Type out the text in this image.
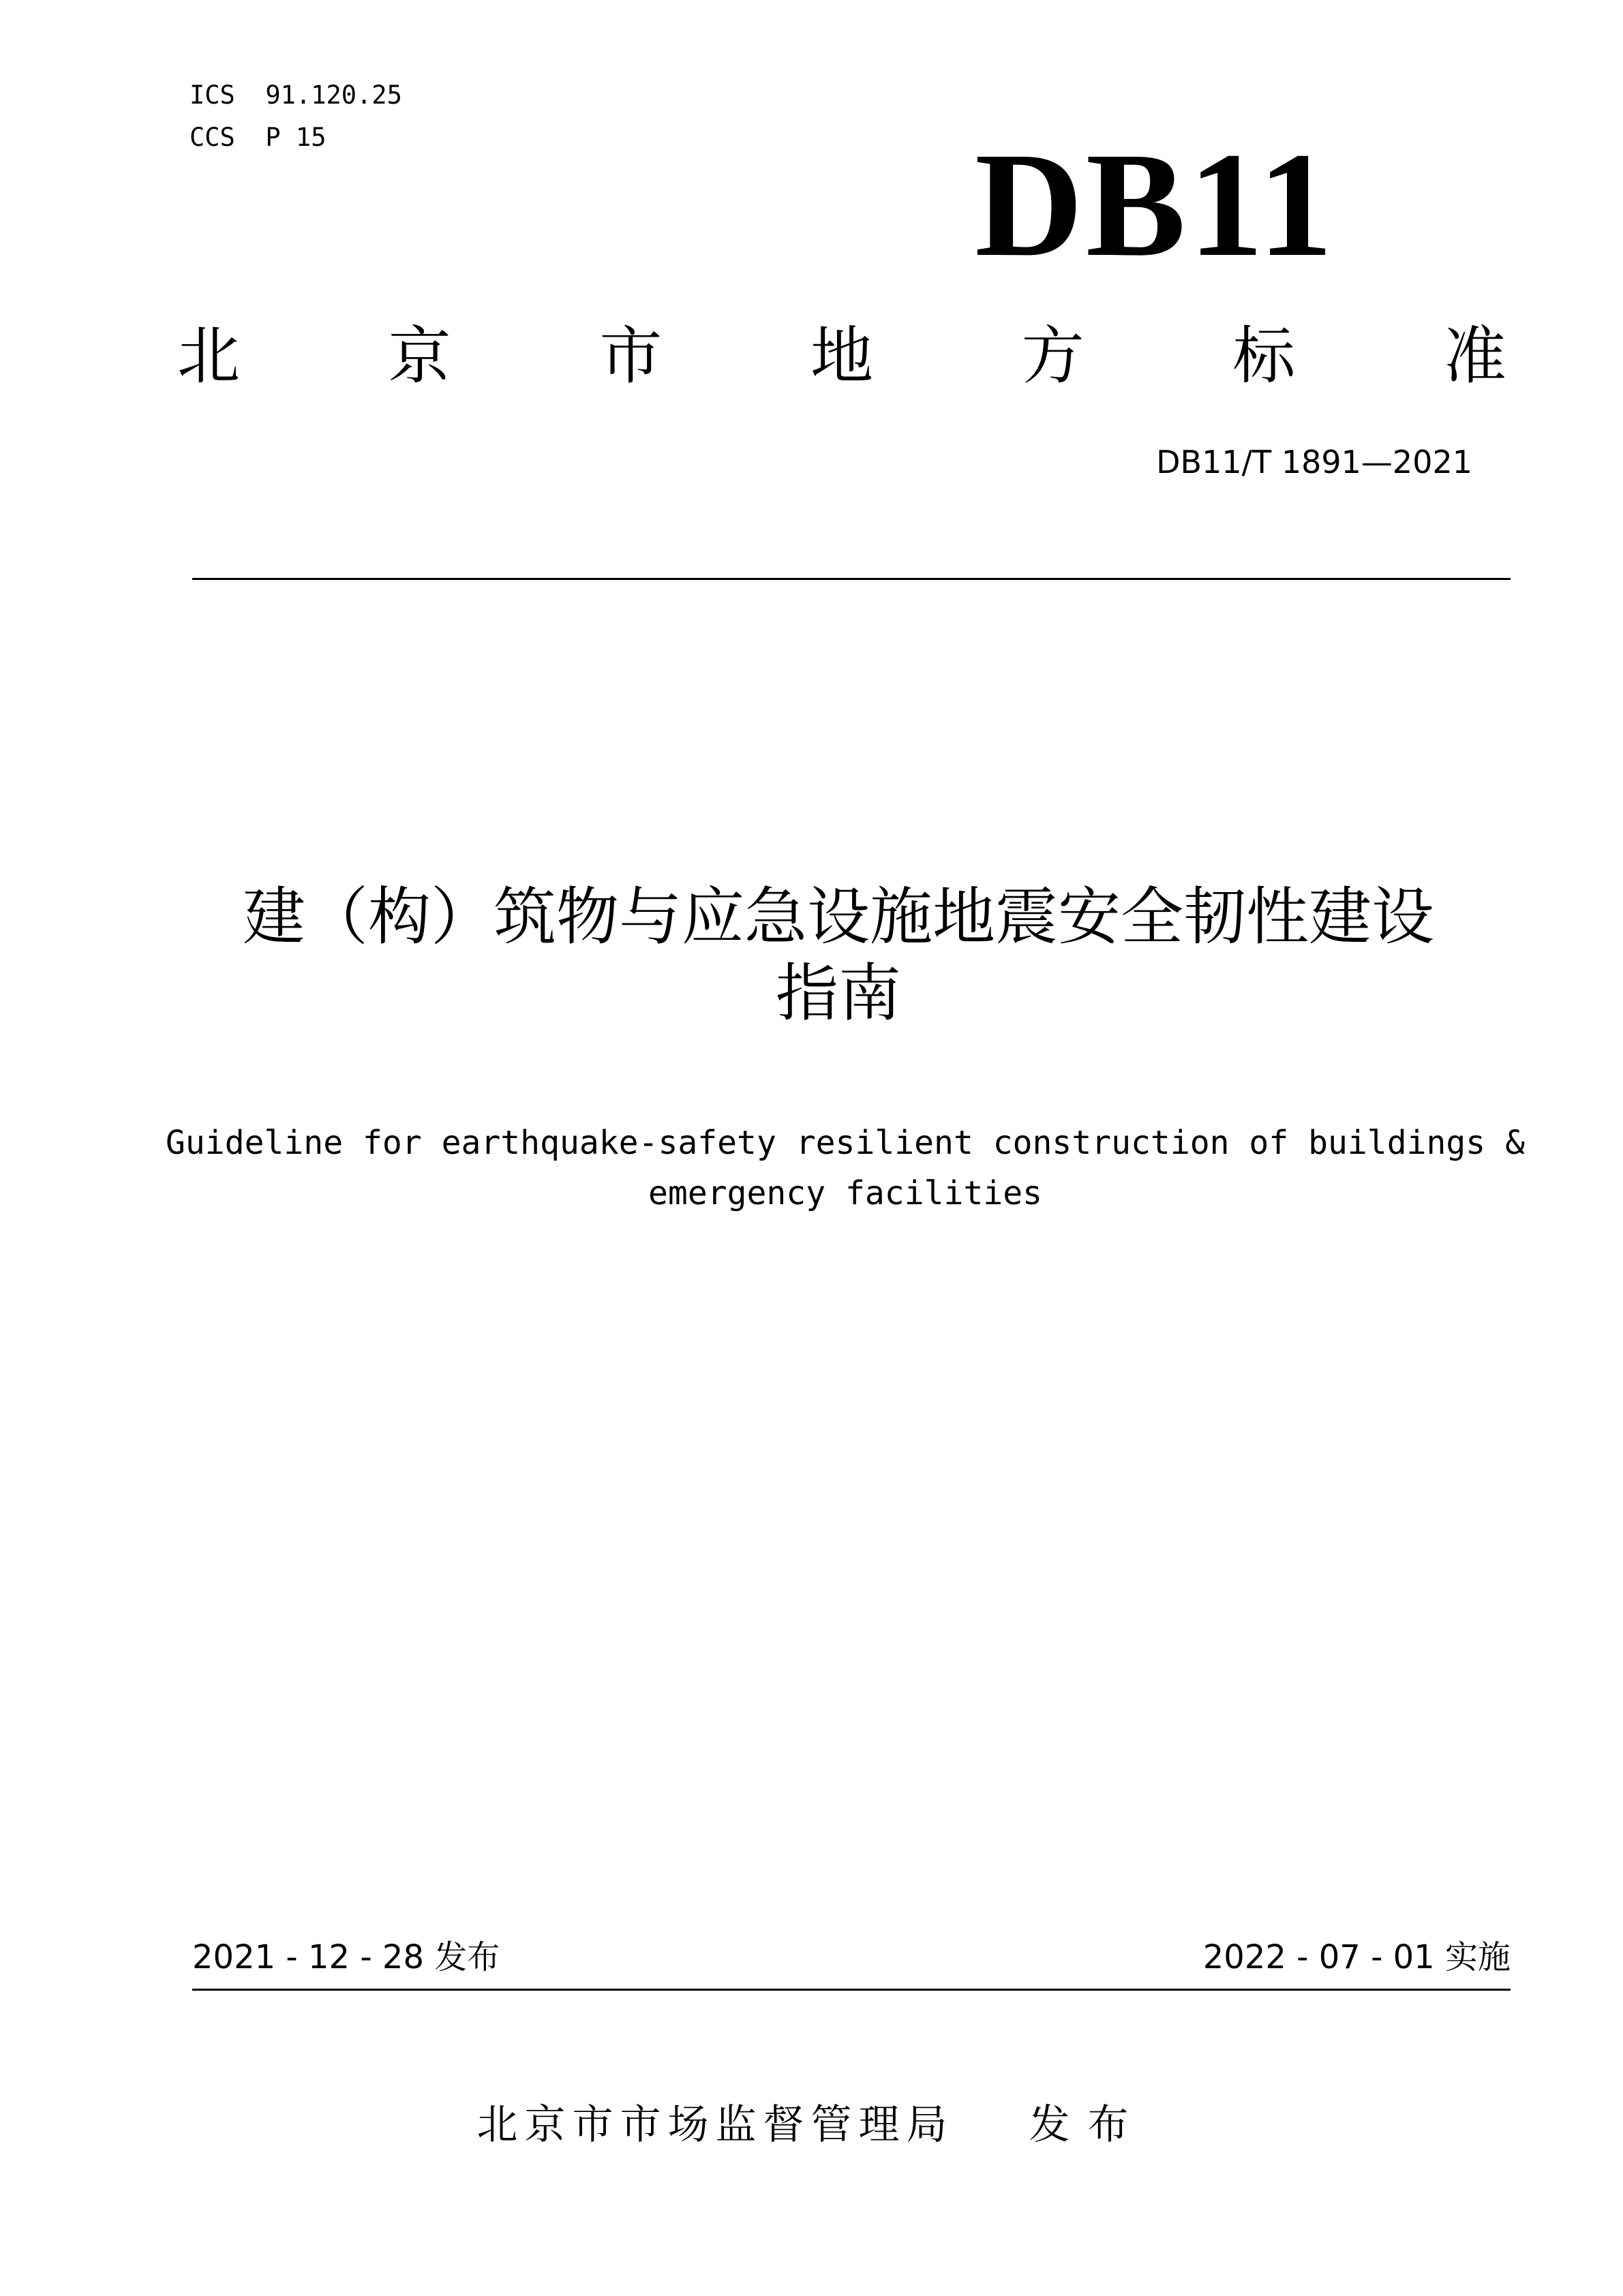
ICS  91.120.25
CCS  P 15	DB11
北 京 市 地 方 标 准
DB11/T 1891—2021
建（构）筑物与应急设施地震安全韧性建设
指南
Guideline for earthquake-safety resilient construction of buildings &
emergency facilities
2021 - 12 - 28 发布	2022 - 07 - 01 实施
北京市市场监督管理局 发布
